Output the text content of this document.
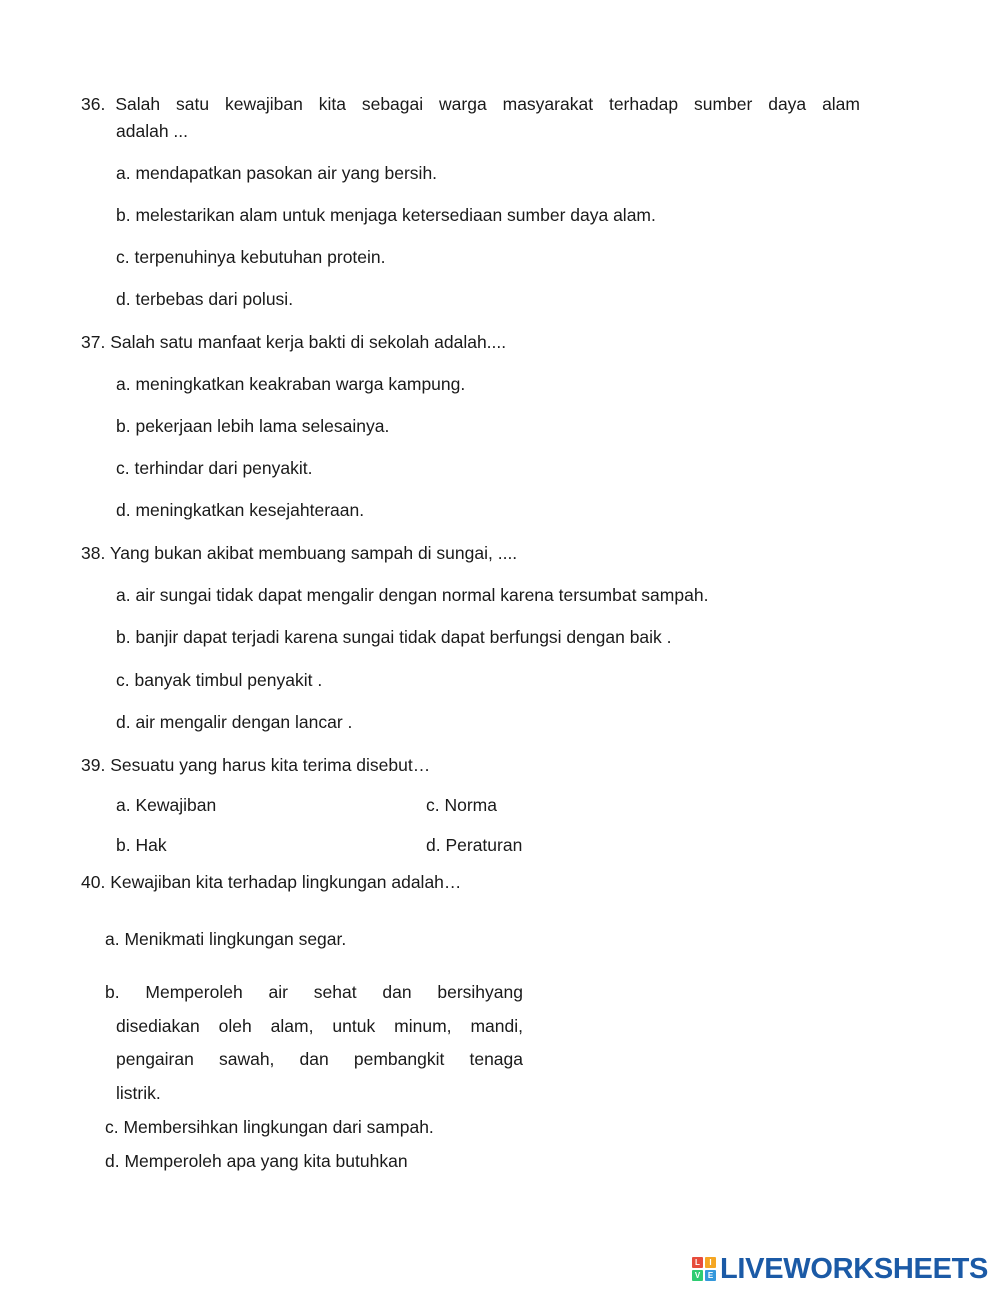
36. Salah satu kewajiban kita sebagai warga masyarakat terhadap sumber daya alam
adalah ...
a. mendapatkan pasokan air yang bersih.
b. melestarikan alam untuk menjaga ketersediaan sumber daya alam.
c. terpenuhinya kebutuhan protein.
d. terbebas dari polusi.
37. Salah satu manfaat kerja bakti di sekolah adalah....
a. meningkatkan keakraban warga kampung.
b. pekerjaan lebih lama selesainya.
c. terhindar dari penyakit.
d. meningkatkan kesejahteraan.
38. Yang bukan akibat membuang sampah di sungai, ....
a. air sungai tidak dapat mengalir dengan normal karena tersumbat sampah.
b. banjir dapat terjadi karena sungai tidak dapat berfungsi dengan baik .
c. banyak timbul penyakit .
d. air mengalir dengan lancar .
39. Sesuatu yang harus kita terima disebut…
a. Kewajiban	c. Norma
b. Hak	d. Peraturan
40. Kewajiban kita terhadap lingkungan adalah…
a. Menikmati lingkungan segar.
b. Memperoleh air sehat dan bersihyang
disediakan oleh alam, untuk minum, mandi,
pengairan sawah, dan pembangkit tenaga
listrik.
c. Membersihkan lingkungan dari sampah.
d. Memperoleh apa yang kita butuhkan
L	I
V E LIVEWORKSHEETS
